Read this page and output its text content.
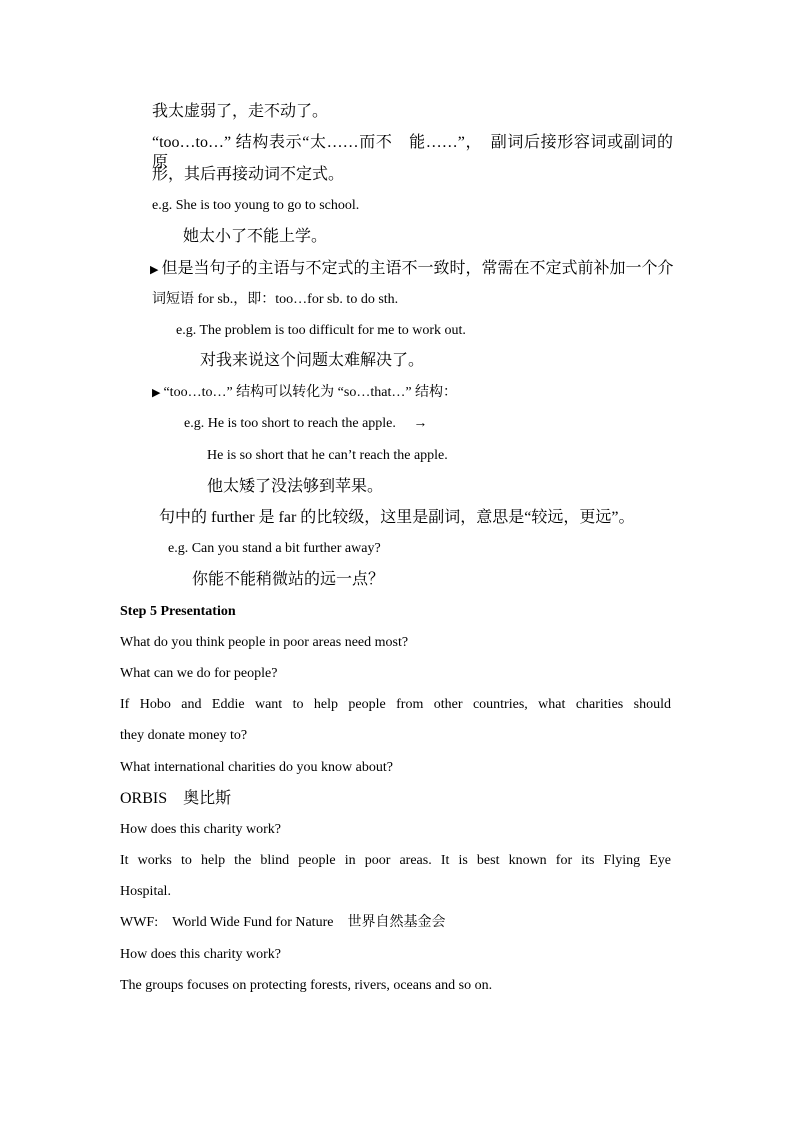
我太虚弱了，走不动了。
“too…to…” 结构表示“太……而不　能……”，　副词后接形容词或副词的原
形，其后再接动词不定式。
e.g. She is too young to go to school.
她太小了不能上学。
▶ 但是当句子的主语与不定式的主语不一致时，常需在不定式前补加一个介
词短语 for sb.，即：too…for sb. to do sth.
e.g. The problem is too difficult for me to work out.
对我来说这个问题太难解决了。
▶ “too…to…” 结构可以转化为 “so…that…” 结构：
e.g. He is too short to reach the apple.　 →
He is so short that he can’t reach the apple.
他太矮了没法够到苹果。
句中的 further 是 far 的比较级，这里是副词，意思是“较远，更远”。
e.g. Can you stand a bit further away?
你能不能稍微站的远一点？
Step 5 Presentation
What do you think people in poor areas need most?
What can we do for people?
If Hobo and Eddie want to help people from other countries, what charities should
they donate money to?
What international charities do you know about?
ORBIS　奥比斯
How does this charity work?
It works to help the blind people in poor areas. It is best known for its Flying Eye
Hospital.
WWF:　World Wide Fund for Nature　世界自然基金会
How does this charity work?
The groups focuses on protecting forests, rivers, oceans and so on.
